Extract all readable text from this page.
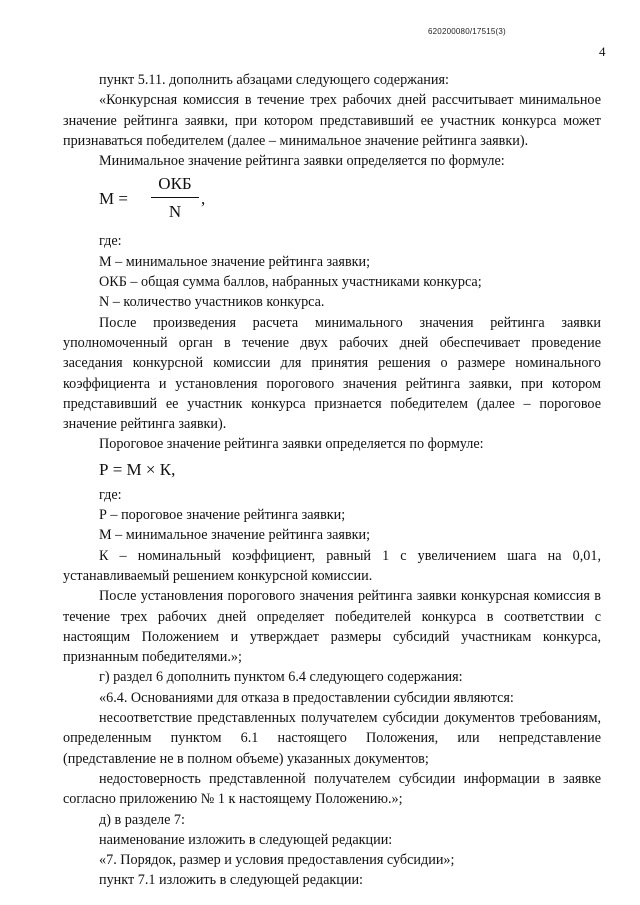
620200080/17515(3)
4

пункт 5.11. дополнить абзацами следующего содержания:

«Конкурсная комиссия в течение трех рабочих дней рассчитывает минимальное значение рейтинга заявки, при котором представивший ее участник конкурса может признаваться победителем (далее – минимальное значение рейтинга заявки).

Минимальное значение рейтинга заявки определяется по формуле:

М =
ОКБ
N
,

где:

М – минимальное значение рейтинга заявки;

ОКБ – общая сумма баллов, набранных участниками конкурса;

N – количество участников конкурса.

После произведения расчета минимального значения рейтинга заявки уполномоченный орган в течение двух рабочих дней обеспечивает проведение заседания конкурсной комиссии для принятия решения о размере номинального коэффициента и установления порогового значения рейтинга заявки, при котором представивший ее участник конкурса признается победителем (далее – пороговое значение рейтинга заявки).

Пороговое значение рейтинга заявки определяется по формуле:

Р = М × К,

где:

Р – пороговое значение рейтинга заявки;

М – минимальное значение рейтинга заявки;

К – номинальный коэффициент, равный 1 с увеличением шага на 0,01, устанавливаемый решением конкурсной комиссии.

После установления порогового значения рейтинга заявки конкурсная комиссия в течение трех рабочих дней определяет победителей конкурса в соответствии с настоящим Положением и утверждает размеры субсидий участникам конкурса, признанным победителями.»;

г) раздел 6 дополнить пунктом 6.4 следующего содержания:

«6.4. Основаниями для отказа в предоставлении субсидии являются:

несоответствие представленных получателем субсидии документов требованиям, определенным пунктом 6.1 настоящего Положения, или непредставление (представление не в полном объеме) указанных документов;

недостоверность представленной получателем субсидии информации в заявке согласно приложению № 1 к настоящему Положению.»;

д) в разделе 7:

наименование изложить в следующей редакции:

«7. Порядок, размер и условия предоставления субсидии»;

пункт 7.1 изложить в следующей редакции:
